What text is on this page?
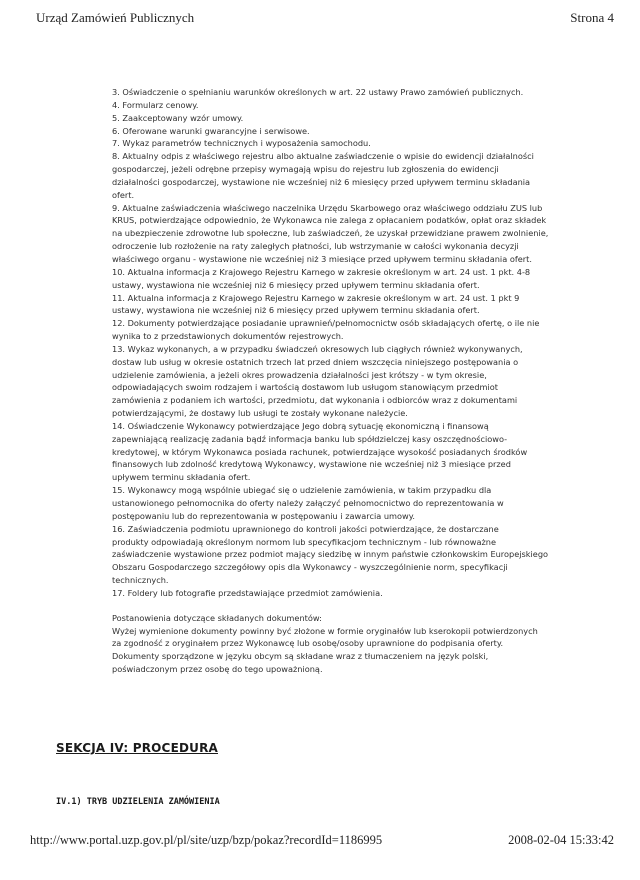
Urząd Zamówień Publicznych	Strona 4
3. Oświadczenie o spełnianiu warunków określonych w art. 22 ustawy Prawo zamówień publicznych.
4. Formularz cenowy.
5. Zaakceptowany wzór umowy.
6. Oferowane warunki gwarancyjne i serwisowe.
7. Wykaz parametrów technicznych i wyposażenia samochodu.
8. Aktualny odpis z właściwego rejestru albo aktualne zaświadczenie o wpisie do ewidencji działalności
gospodarczej, jeżeli odrębne przepisy wymagają wpisu do rejestru lub zgłoszenia do ewidencji
działalności gospodarczej, wystawione nie wcześniej niż 6 miesięcy przed upływem terminu składania
ofert.
9. Aktualne zaświadczenia właściwego naczelnika Urzędu Skarbowego oraz właściwego oddziału ZUS lub
KRUS, potwierdzające odpowiednio, że Wykonawca nie zalega z opłacaniem podatków, opłat oraz składek
na ubezpieczenie zdrowotne lub społeczne, lub zaświadczeń, że uzyskał przewidziane prawem zwolnienie,
odroczenie lub rozłożenie na raty zaległych płatności, lub wstrzymanie w całości wykonania decyzji
właściwego organu - wystawione nie wcześniej niż 3 miesiące przed upływem terminu składania ofert.
10. Aktualna informacja z Krajowego Rejestru Karnego w zakresie określonym w art. 24 ust. 1 pkt. 4-8
ustawy, wystawiona nie wcześniej niż 6 miesięcy przed upływem terminu składania ofert.
11. Aktualna informacja z Krajowego Rejestru Karnego w zakresie określonym w art. 24 ust. 1 pkt 9
ustawy, wystawiona nie wcześniej niż 6 miesięcy przed upływem terminu składania ofert.
12. Dokumenty potwierdzające posiadanie uprawnień/pełnomocnictw osób składających ofertę, o ile nie
wynika to z przedstawionych dokumentów rejestrowych.
13. Wykaz wykonanych, a w przypadku świadczeń okresowych lub ciągłych również wykonywanych,
dostaw lub usług w okresie ostatnich trzech lat przed dniem wszczęcia niniejszego postępowania o
udzielenie zamówienia, a jeżeli okres prowadzenia działalności jest krótszy - w tym okresie,
odpowiadających swoim rodzajem i wartością dostawom lub usługom stanowiącym przedmiot
zamówienia z podaniem ich wartości, przedmiotu, dat wykonania i odbiorców wraz z dokumentami
potwierdzającymi, że dostawy lub usługi te zostały wykonane należycie.
14. Oświadczenie Wykonawcy potwierdzające Jego dobrą sytuację ekonomiczną i finansową
zapewniającą realizację zadania bądź informacja banku lub spółdzielczej kasy oszczędnościowo-
kredytowej, w którym Wykonawca posiada rachunek, potwierdzające wysokość posiadanych środków
finansowych lub zdolność kredytową Wykonawcy, wystawione nie wcześniej niż 3 miesiące przed
upływem terminu składania ofert.
15. Wykonawcy mogą wspólnie ubiegać się o udzielenie zamówienia, w takim przypadku dla
ustanowionego pełnomocnika do oferty należy załączyć pełnomocnictwo do reprezentowania w
postępowaniu lub do reprezentowania w postępowaniu i zawarcia umowy.
16. Zaświadczenia podmiotu uprawnionego do kontroli jakości potwierdzające, że dostarczane
produkty odpowiadają określonym normom lub specyfikacjom technicznym - lub równoważne
zaświadczenie wystawione przez podmiot mający siedzibę w innym państwie członkowskim Europejskiego
Obszaru Gospodarczego szczegółowy opis dla Wykonawcy - wyszczególnienie norm, specyfikacji
technicznych.
17. Foldery lub fotografie przedstawiające przedmiot zamówienia.
Postanowienia dotyczące składanych dokumentów:
Wyżej wymienione dokumenty powinny być złożone w formie oryginałów lub kserokopii potwierdzonych
za zgodność z oryginałem przez Wykonawcę lub osobę/osoby uprawnione do podpisania oferty.
Dokumenty sporządzone w języku obcym są składane wraz z tłumaczeniem na język polski,
poświadczonym przez osobę do tego upoważnioną.
SEKCJA IV: PROCEDURA
IV.1) TRYB UDZIELENIA ZAMÓWIENIA
http://www.portal.uzp.gov.pl/pl/site/uzp/bzp/pokaz?recordId=1186995	2008-02-04 15:33:42
